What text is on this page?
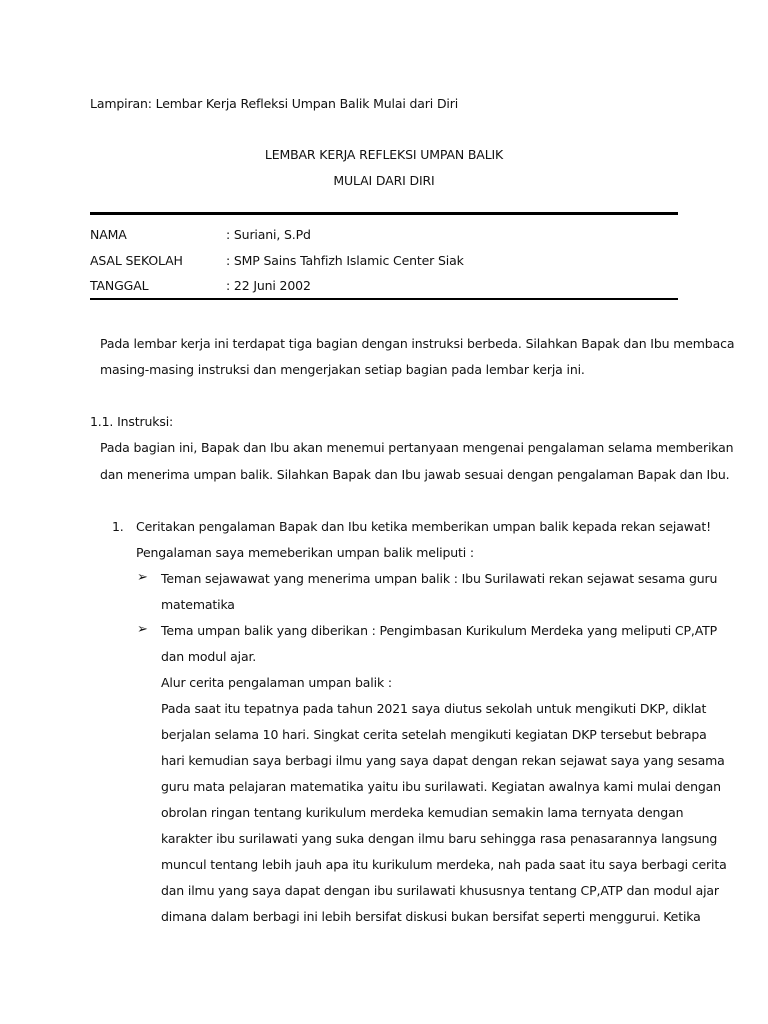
Lampiran: Lembar Kerja Refleksi Umpan Balik Mulai dari Diri
LEMBAR KERJA REFLEKSI UMPAN BALIK
MULAI DARI DIRI
NAMA	: Suriani, S.Pd
ASAL SEKOLAH	: SMP Sains Tahfizh Islamic Center Siak
TANGGAL	: 22 Juni 2002
Pada lembar kerja ini terdapat tiga bagian dengan instruksi berbeda. Silahkan Bapak dan Ibu membaca
masing-masing instruksi dan mengerjakan setiap bagian pada lembar kerja ini.
1.1. Instruksi:
Pada bagian ini, Bapak dan Ibu akan menemui pertanyaan mengenai pengalaman selama memberikan
dan menerima umpan balik. Silahkan Bapak dan Ibu jawab sesuai dengan pengalaman Bapak dan Ibu.
1. Ceritakan pengalaman Bapak dan Ibu ketika memberikan umpan balik kepada rekan sejawat!
Pengalaman saya memeberikan umpan balik meliputi :
➢ Teman sejawawat yang menerima umpan balik : Ibu Surilawati rekan sejawat sesama guru
matematika
➢ Tema umpan balik yang diberikan : Pengimbasan Kurikulum Merdeka yang meliputi CP,ATP
dan modul ajar.
Alur cerita pengalaman umpan balik :
Pada saat itu tepatnya pada tahun 2021 saya diutus sekolah untuk mengikuti DKP, diklat
berjalan selama 10 hari. Singkat cerita setelah mengikuti kegiatan DKP tersebut bebrapa
hari kemudian saya berbagi ilmu yang saya dapat dengan rekan sejawat saya yang sesama
guru mata pelajaran matematika yaitu ibu surilawati. Kegiatan awalnya kami mulai dengan
obrolan ringan tentang kurikulum merdeka kemudian semakin lama ternyata dengan
karakter ibu surilawati yang suka dengan ilmu baru sehingga rasa penasarannya langsung
muncul tentang lebih jauh apa itu kurikulum merdeka, nah pada saat itu saya berbagi cerita
dan ilmu yang saya dapat dengan ibu surilawati khususnya tentang CP,ATP dan modul ajar
dimana dalam berbagi ini lebih bersifat diskusi bukan bersifat seperti menggurui. Ketika
